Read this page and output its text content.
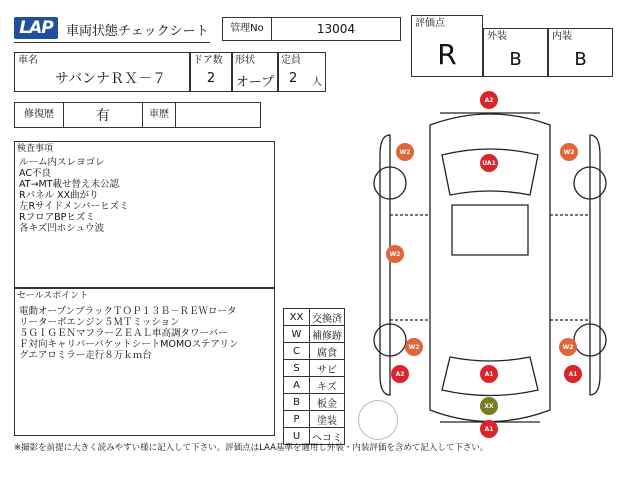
LAP	車両状態チェックシート 管理No	13004	評価点
R
外装
B
内装
B
車名
サバンナＲＸ－７
ドア数
2
形状
オープ
定員
2 人
修復歴	有	車歴
検査事項
ルーム内スレヨゴレ
AC不良
AT→MT載せ替え未公認
Rパネル XX曲がり
左Rサイドメンバーヒズミ
RフロアBPヒズミ
各キズ凹ホシュウ波
セールスポイント
電動オープンブラックＴＯＰ１３Ｂ－ＲＥＷロータ
リーターボエンジン５ＭＴミッション
５ＧＩＧＥＮマフラーＺＥＡＬ車高調タワーバー
Ｆ対向キャリパーバケットシートMOMOステアリン
グエアロミラー走行８万ｋｍ台
XX	交換済
W	補修跡
C	腐食
S	サビ
A	キズ
B	板金
P	塗装
U	ヘコミ
A2
W2
UA1
W2
W2
W2	W2
A2	A1	A1
XX
A1
※撮影を前提に大きく読みやすい様に記入して下さい。評価点はLAA基準を適用し外装・内装評価を含めて記入して下さい。
